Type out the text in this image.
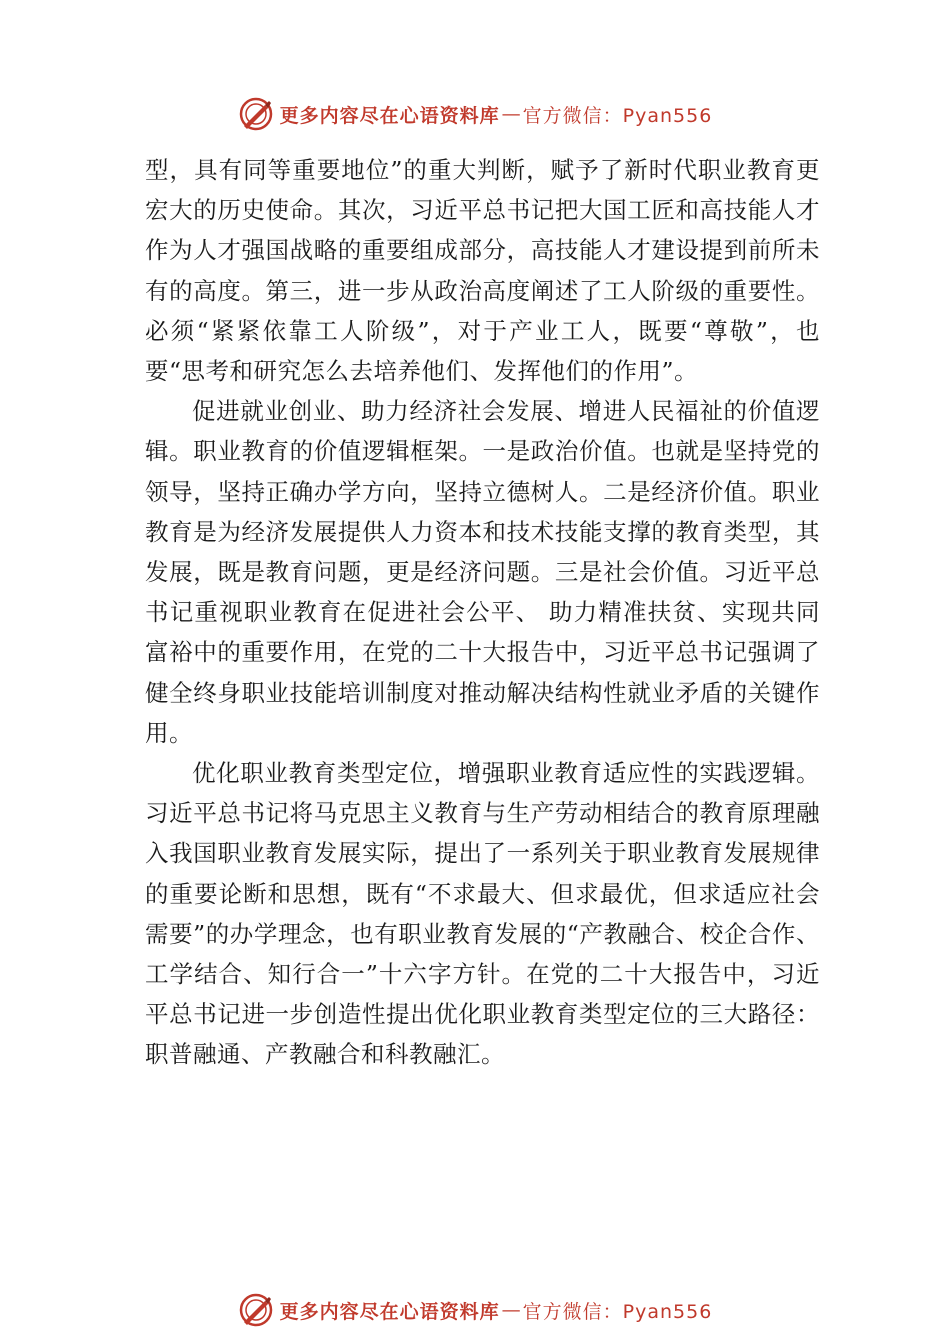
更多内容尽在心语资料库 — 官方微信：Pyan556

型，具有同等重要地位”的重大判断，赋予了新时代职业教育更宏大的历史使命。其次，习近平总书记把大国工匠和高技能人才作为人才强国战略的重要组成部分，高技能人才建设提到前所未有的高度。第三，进一步从政治高度阐述了工人阶级的重要性。必须“紧紧依靠工人阶级”，对于产业工人，既要“尊敬”，也要“思考和研究怎么去培养他们、发挥他们的作用”。

促进就业创业、助力经济社会发展、增进人民福祉的价值逻辑。职业教育的价值逻辑框架。一是政治价值。也就是坚持党的领导，坚持正确办学方向，坚持立德树人。二是经济价值。职业教育是为经济发展提供人力资本和技术技能支撑的教育类型，其发展，既是教育问题，更是经济问题。三是社会价值。习近平总书记重视职业教育在促进社会公平、 助力精准扶贫、实现共同富裕中的重要作用，在党的二十大报告中，习近平总书记强调了健全终身职业技能培训制度对推动解决结构性就业矛盾的关键作用。

优化职业教育类型定位，增强职业教育适应性的实践逻辑。习近平总书记将马克思主义教育与生产劳动相结合的教育原理融入我国职业教育发展实际，提出了一系列关于职业教育发展规律的重要论断和思想，既有“不求最大、但求最优，但求适应社会需要”的办学理念，也有职业教育发展的“产教融合、校企合作、工学结合、知行合一”十六字方针。在党的二十大报告中，习近平总书记进一步创造性提出优化职业教育类型定位的三大路径：职普融通、产教融合和科教融汇。

更多内容尽在心语资料库 — 官方微信：Pyan556
